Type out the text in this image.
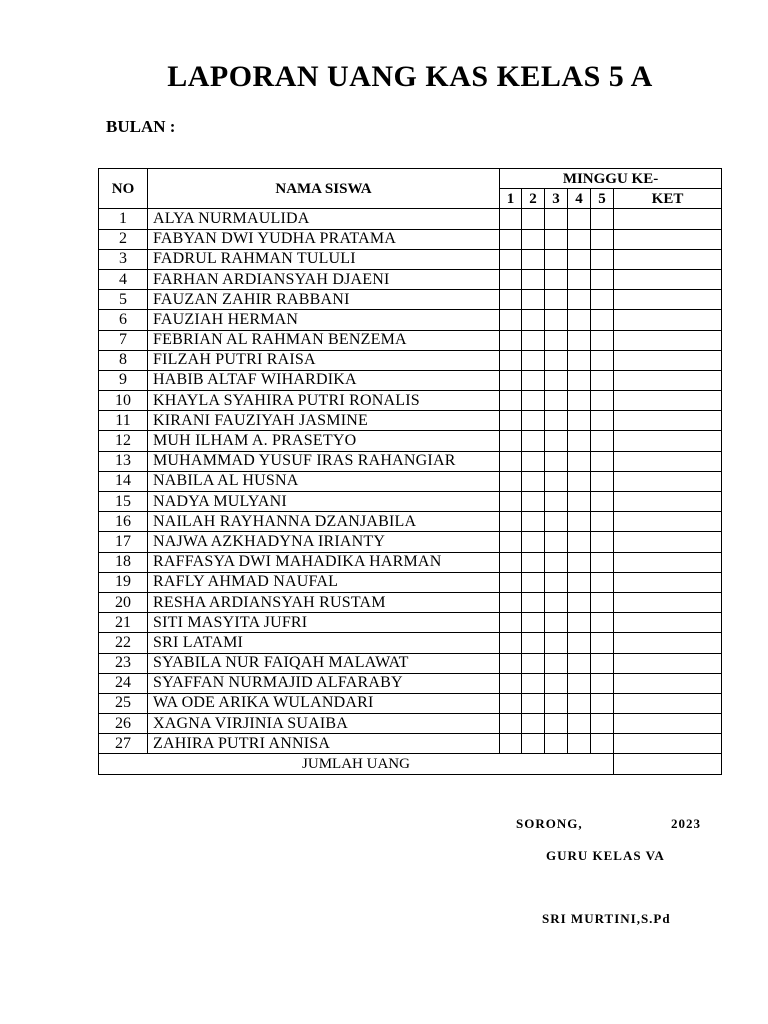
LAPORAN UANG KAS KELAS 5 A
BULAN :
NO	NAMA SISWA	MINGGU KE-					
		1	2	3	4	5	KET
1	ALYA NURMAULIDA						
2	FABYAN DWI YUDHA PRATAMA						
3	FADRUL RAHMAN TULULI						
4	FARHAN ARDIANSYAH DJAENI						
5	FAUZAN ZAHIR RABBANI						
6	FAUZIAH HERMAN						
7	FEBRIAN AL RAHMAN BENZEMA						
8	FILZAH PUTRI RAISA						
9	HABIB ALTAF WIHARDIKA						
10	KHAYLA SYAHIRA PUTRI RONALIS						
11	KIRANI FAUZIYAH JASMINE						
12	MUH ILHAM A. PRASETYO						
13	MUHAMMAD YUSUF IRAS RAHANGIAR						
14	NABILA AL HUSNA						
15	NADYA MULYANI						
16	NAILAH RAYHANNA DZANJABILA						
17	NAJWA AZKHADYNA IRIANTY						
18	RAFFASYA DWI MAHADIKA HARMAN						
19	RAFLY AHMAD NAUFAL						
20	RESHA ARDIANSYAH RUSTAM						
21	SITI MASYITA JUFRI						
22	SRI LATAMI						
23	SYABILA NUR FAIQAH MALAWAT						
24	SYAFFAN NURMAJID ALFARABY						
25	WA ODE ARIKA WULANDARI						
26	XAGNA VIRJINIA SUAIBA						
27	ZAHIRA PUTRI ANNISA						
JUMLAH UANG							
SORONG,	2023
GURU KELAS VA
SRI MURTINI,S.Pd
